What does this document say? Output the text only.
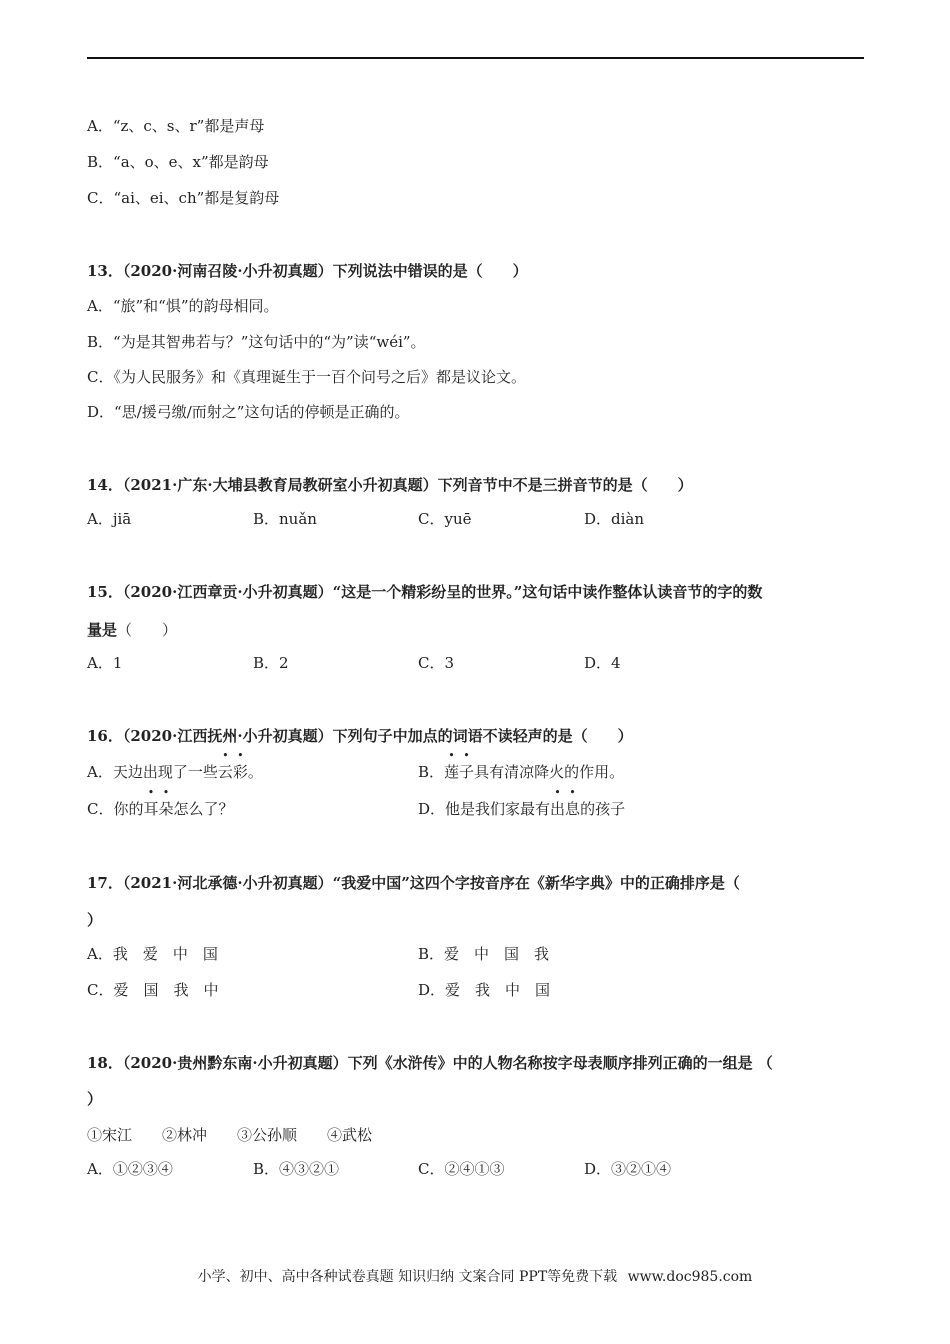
A．“z、c、s、r”都是声母
B．“a、o、e、x”都是韵母
C．“ai、ei、ch”都是复韵母
13．（2020·河南召陵·小升初真题）下列说法中错误的是（　　）
A．“旅”和“惧”的韵母相同。
B．“为是其智弗若与？”这句话中的“为”读“wéi”。
C．《为人民服务》和《真理诞生于一百个问号之后》都是议论文。
D．“思/援弓缴/而射之”这句话的停顿是正确的。
14．（2021·广东·大埔县教育局教研室小升初真题）下列音节中不是三拼音节的是（　　）
A．jiā	B．nuǎn	C．yuē	D．diàn
15．（2020·江西章贡·小升初真题）“这是一个精彩纷呈的世界。”这句话中读作整体认读音节的字的数
量是（　　）
A．1	B．2	C．3	D．4
16．（2020·江西抚州·小升初真题）下列句子中加点的词语不读轻声的是（　　）
A．天边出现了一些云彩。	B．莲子具有清凉降火的作用。
C．你的耳朵怎么了？	D．他是我们家最有出息的孩子
17．（2021·河北承德·小升初真题）“我爱中国”这四个字按音序在《新华字典》中的正确排序是（
）
A．我　爱　中　国	B．爱　中　国　我
C．爱　国　我　中	D．爱　我　中　国
18．（2020·贵州黔东南·小升初真题）下列《水浒传》中的人物名称按字母表顺序排列正确的一组是 （
）
①宋江　　②林冲　　③公孙顺　　④武松
A．①②③④	B．④③②①	C．②④①③	D．③②①④
小学、初中、高中各种试卷真题 知识归纳 文案合同 PPT等免费下载 www.doc985.com
